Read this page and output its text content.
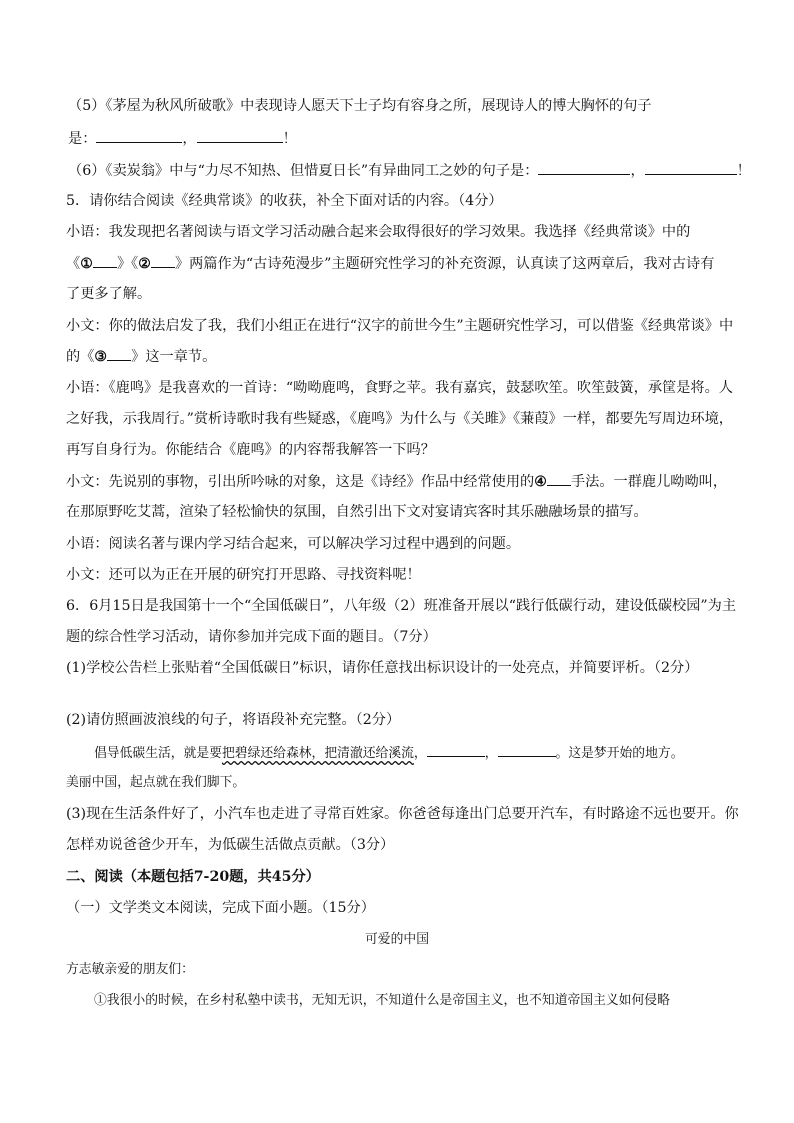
（5）《茅屋为秋风所破歌》中表现诗人愿天下士子均有容身之所，展现诗人的博大胸怀的句子
是：	，	！
（6）《卖炭翁》中与“力尽不知热、但惜夏日长”有异曲同工之妙的句子是：	，	！
5．请你结合阅读《经典常谈》的收获，补全下面对话的内容。（4分）
小语：我发现把名著阅读与语文学习活动融合起来会取得很好的学习效果。我选择《经典常谈》中的
《① 》《② 》两篇作为“古诗苑漫步”主题研究性学习的补充资源，认真读了这两章后，我对古诗有
了更多了解。
小文：你的做法启发了我，我们小组正在进行“汉字的前世今生”主题研究性学习，可以借鉴《经典常谈》中
的《③ 》这一章节。
小语：《鹿鸣》是我喜欢的一首诗：“呦呦鹿鸣，食野之苹。我有嘉宾，鼓瑟吹笙。吹笙鼓簧，承筐是将。人
之好我，示我周行。”赏析诗歌时我有些疑惑，《鹿鸣》为什么与《关雎》《蒹葭》一样，都要先写周边环境，
再写自身行为。你能结合《鹿鸣》的内容帮我解答一下吗？
小文：先说别的事物，引出所吟咏的对象，这是《诗经》作品中经常使用的④ 手法。一群鹿儿呦呦叫，
在那原野吃艾蒿，渲染了轻松愉快的氛围，自然引出下文对宴请宾客时其乐融融场景的描写。
小语：阅读名著与课内学习结合起来，可以解决学习过程中遇到的问题。
小文：还可以为正在开展的研究打开思路、寻找资料呢！
6．6月15日是我国第十一个“全国低碳日”，八年级（2）班准备开展以“践行低碳行动，建设低碳校园”为主
题的综合性学习活动，请你参加并完成下面的题目。（7分）
(1)学校公告栏上张贴着“全国低碳日”标识，请你任意找出标识设计的一处亮点，并简要评析。（2分）
(2)请仿照画波浪线的句子，将语段补充完整。（2分）
倡导低碳生活，就是要把碧绿还给森林，把清澈还给溪流，	，	。这是梦开始的地方。
美丽中国，起点就在我们脚下。
(3)现在生活条件好了，小汽车也走进了寻常百姓家。你爸爸每逢出门总要开汽车，有时路途不远也要开。你
怎样劝说爸爸少开车，为低碳生活做点贡献。（3分）
二、阅读（本题包括7-20题，共45分）
（一）文学类文本阅读，完成下面小题。（15分）
可爱的中国
方志敏亲爱的朋友们：
①我很小的时候，在乡村私塾中读书，无知无识，不知道什么是帝国主义，也不知道帝国主义如何侵略
